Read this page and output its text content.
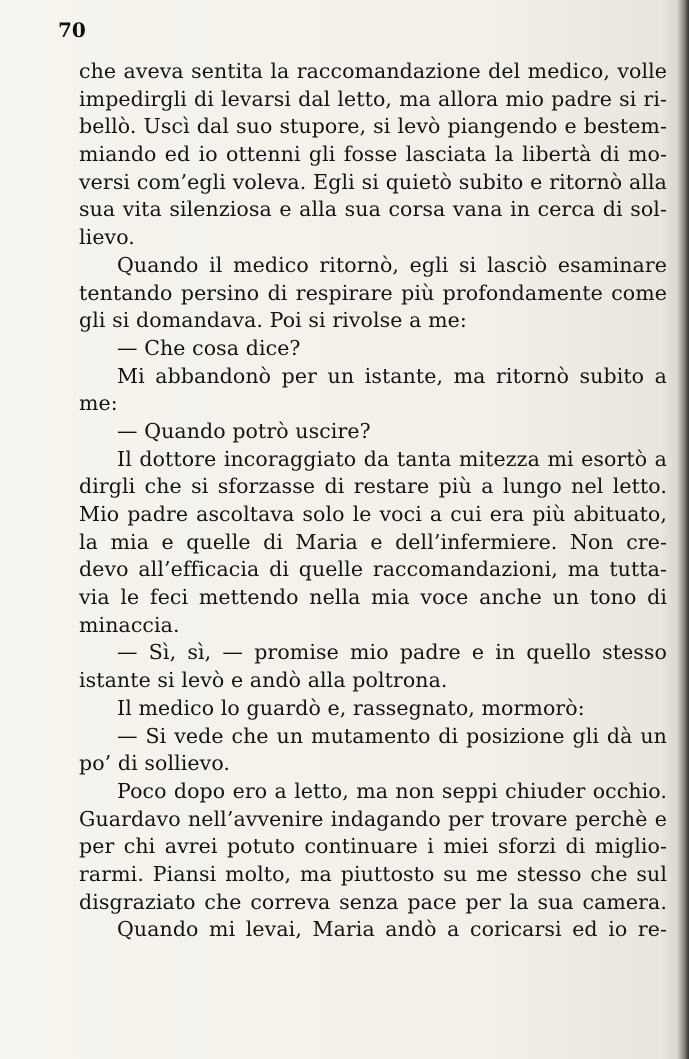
70
che aveva sentita la raccomandazione del medico, volle
impedirgli di levarsi dal letto, ma allora mio padre si ri-
bellò. Uscì dal suo stupore, si levò piangendo e bestem-
miando ed io ottenni gli fosse lasciata la libertà di mo-
versi com’egli voleva. Egli si quietò subito e ritornò alla
sua vita silenziosa e alla sua corsa vana in cerca di sol-
lievo.
Quando il medico ritornò, egli si lasciò esaminare
tentando persino di respirare più profondamente come
gli si domandava. Poi si rivolse a me:
— Che cosa dice?
Mi abbandonò per un istante, ma ritornò subito a
me:
— Quando potrò uscire?
Il dottore incoraggiato da tanta mitezza mi esortò a
dirgli che si sforzasse di restare più a lungo nel letto.
Mio padre ascoltava solo le voci a cui era più abituato,
la mia e quelle di Maria e dell’infermiere. Non cre-
devo all’efficacia di quelle raccomandazioni, ma tutta-
via le feci mettendo nella mia voce anche un tono di
minaccia.
— Sì, sì, — promise mio padre e in quello stesso
istante si levò e andò alla poltrona.
Il medico lo guardò e, rassegnato, mormorò:
— Si vede che un mutamento di posizione gli dà un
po’ di sollievo.
Poco dopo ero a letto, ma non seppi chiuder occhio.
Guardavo nell’avvenire indagando per trovare perchè e
per chi avrei potuto continuare i miei sforzi di miglio-
rarmi. Piansi molto, ma piuttosto su me stesso che sul
disgraziato che correva senza pace per la sua camera.
Quando mi levai, Maria andò a coricarsi ed io re-
